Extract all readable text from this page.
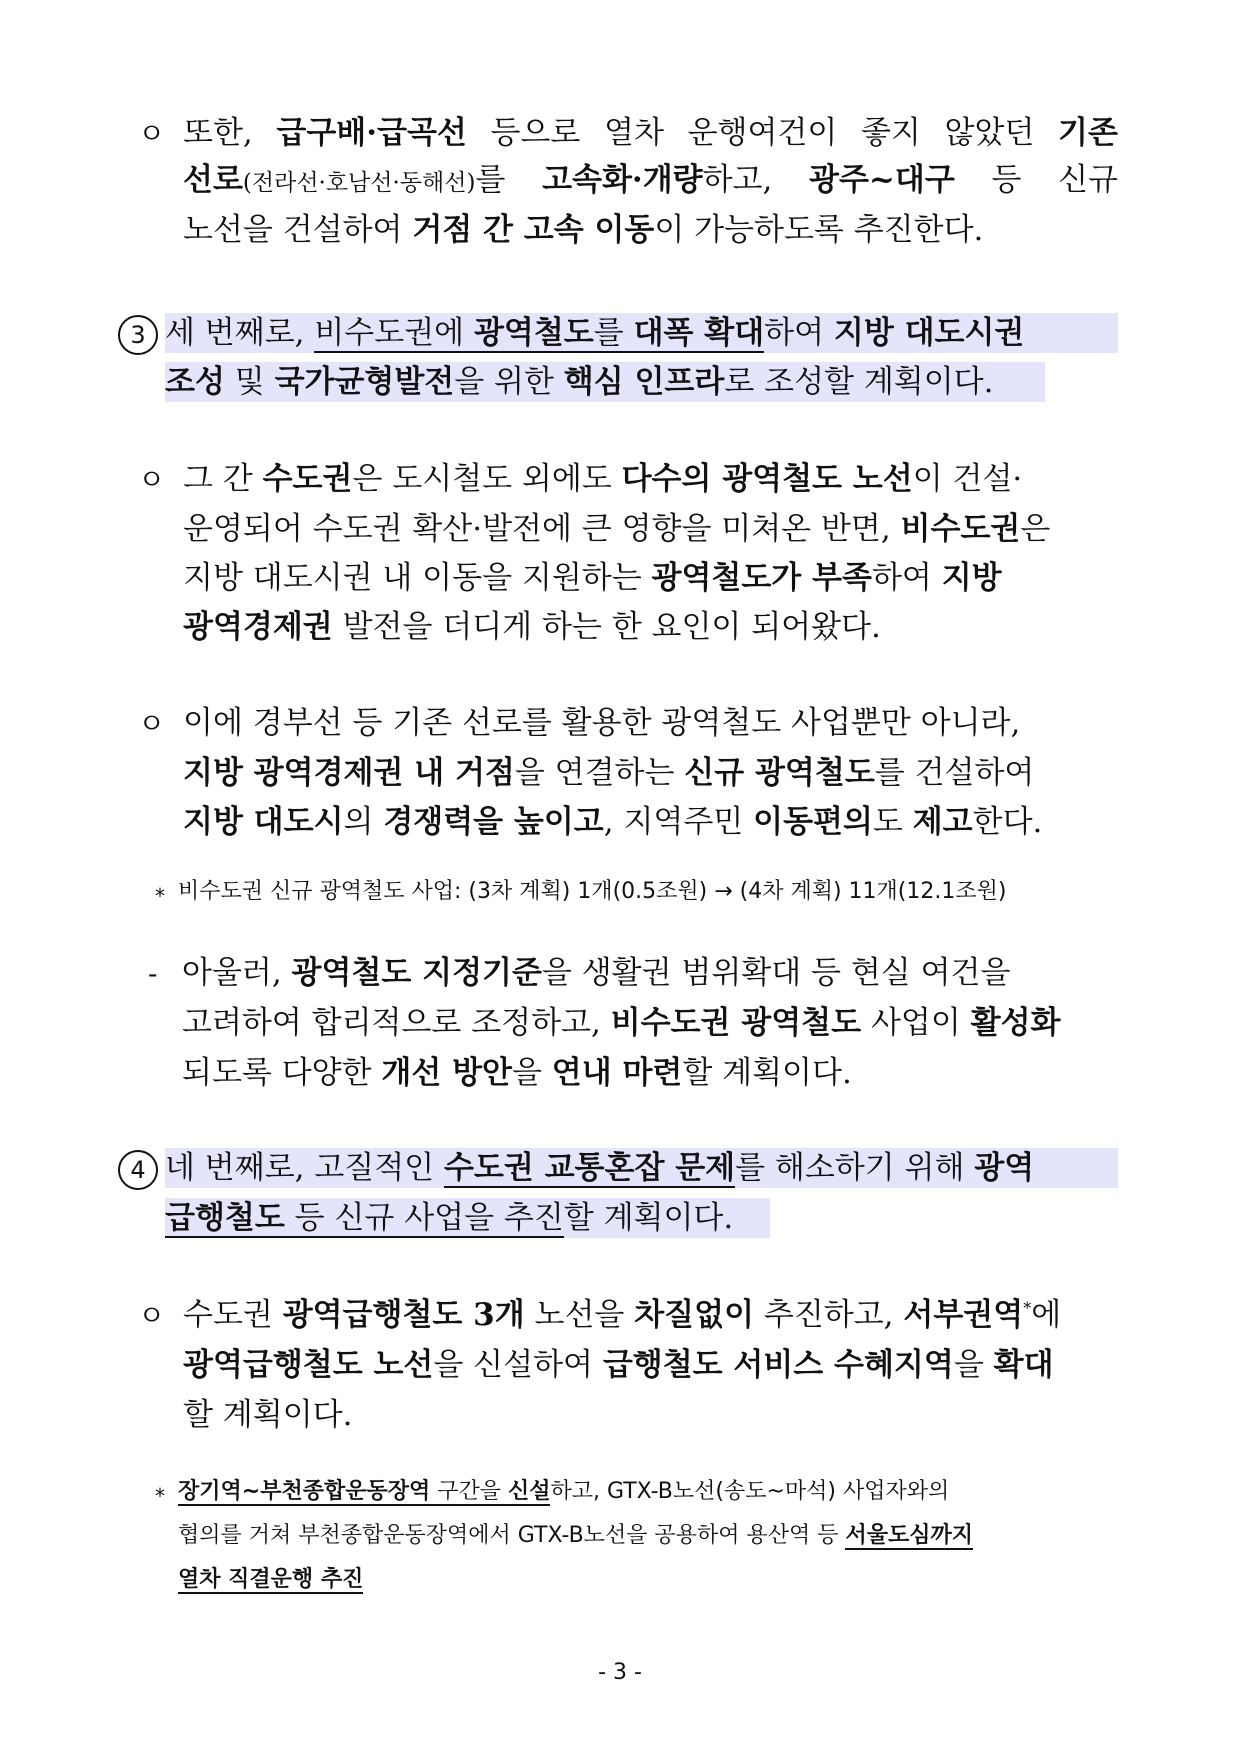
ㅇ 또한, 급구배·급곡선 등으로 열차 운행여건이 좋지 않았던 기존
선로(전라선·호남선·동해선)를 고속화·개량하고, 광주~대구 등 신규
노선을 건설하여 거점 간 고속 이동이 가능하도록 추진한다.
3 세 번째로, 비수도권에 광역철도를 대폭 확대하여 지방 대도시권
조성 및 국가균형발전을 위한 핵심 인프라로 조성할 계획이다.
ㅇ 그 간 수도권은 도시철도 외에도 다수의 광역철도 노선이 건설·
운영되어 수도권 확산·발전에 큰 영향을 미쳐온 반면, 비수도권은
지방 대도시권 내 이동을 지원하는 광역철도가 부족하여 지방
광역경제권 발전을 더디게 하는 한 요인이 되어왔다.
ㅇ 이에 경부선 등 기존 선로를 활용한 광역철도 사업뿐만 아니라,
지방 광역경제권 내 거점을 연결하는 신규 광역철도를 건설하여
지방 대도시의 경쟁력을 높이고, 지역주민 이동편의도 제고한다.
* 비수도권 신규 광역철도 사업: (3차 계획) 1개(0.5조원) → (4차 계획) 11개(12.1조원)
- 아울러, 광역철도 지정기준을 생활권 범위확대 등 현실 여건을
고려하여 합리적으로 조정하고, 비수도권 광역철도 사업이 활성화
되도록 다양한 개선 방안을 연내 마련할 계획이다.
4 네 번째로, 고질적인 수도권 교통혼잡 문제를 해소하기 위해 광역
급행철도 등 신규 사업을 추진할 계획이다.
ㅇ 수도권 광역급행철도 3개 노선을 차질없이 추진하고, 서부권역*에
광역급행철도 노선을 신설하여 급행철도 서비스 수혜지역을 확대
할 계획이다.
* 장기역~부천종합운동장역 구간을 신설하고, GTX-B노선(송도~마석) 사업자와의
협의를 거쳐 부천종합운동장역에서 GTX-B노선을 공용하여 용산역 등 서울도심까지
열차 직결운행 추진
- 3 -
